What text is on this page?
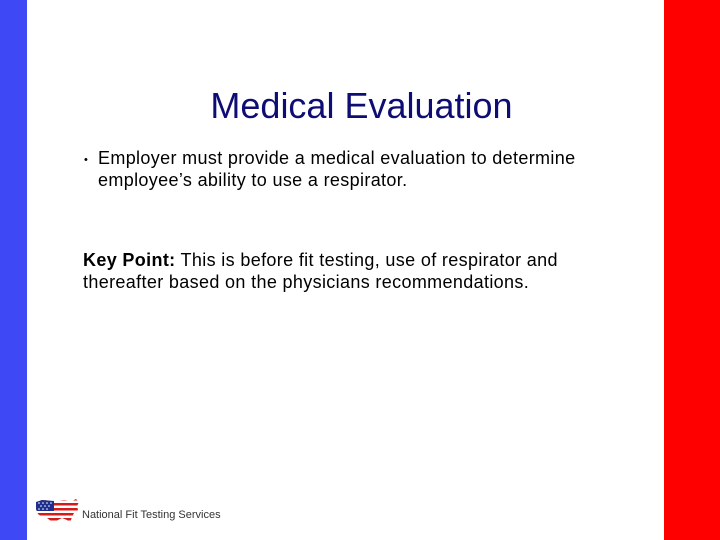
Medical Evaluation
• Employer must provide a medical evaluation to determine employee’s ability to use a respirator.
Key Point: This is before fit testing, use of respirator and thereafter based on the physicians recommendations.
National Fit Testing Services
